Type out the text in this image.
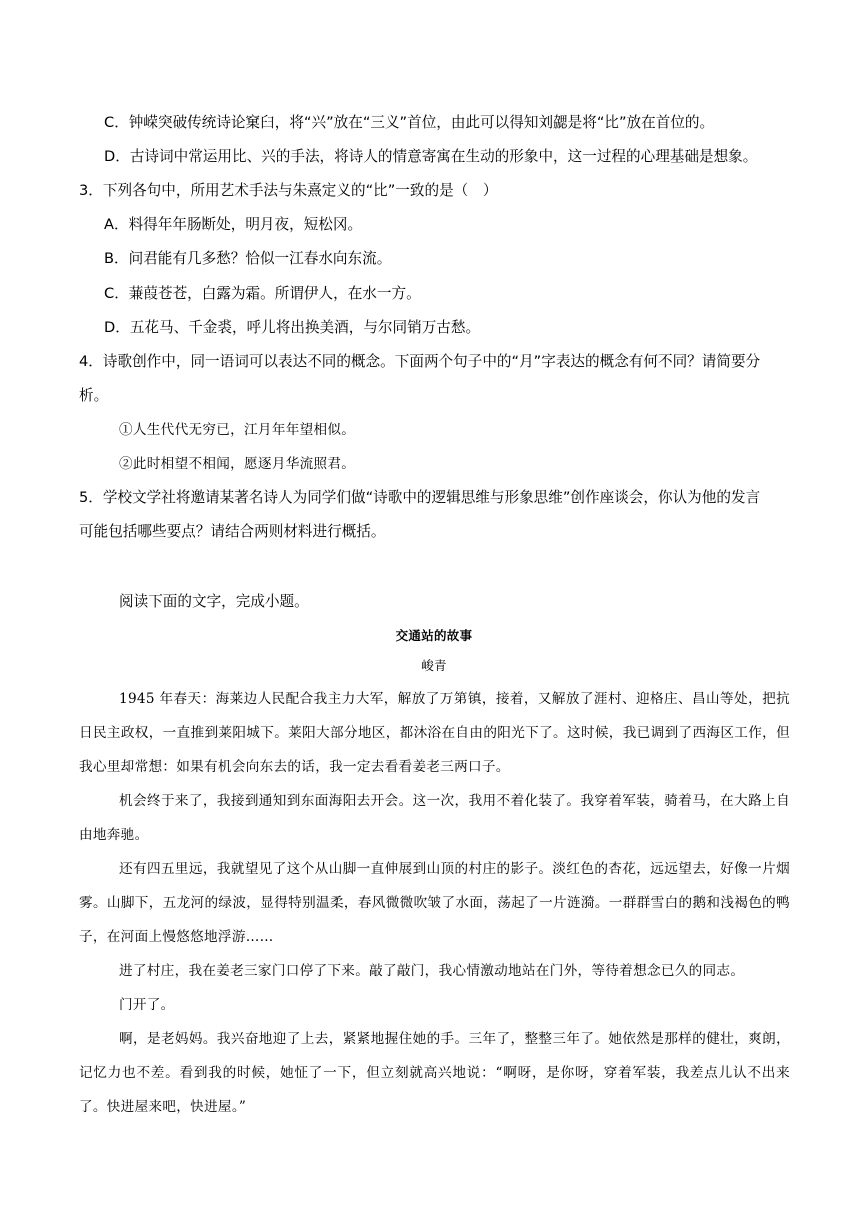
C．钟嵘突破传统诗论窠臼，将“兴”放在“三义”首位，由此可以得知刘勰是将“比”放在首位的。
D．古诗词中常运用比、兴的手法，将诗人的情意寄寓在生动的形象中，这一过程的心理基础是想象。
3．下列各句中，所用艺术手法与朱熹定义的“比”一致的是（　）
A．料得年年肠断处，明月夜，短松冈。
B．问君能有几多愁？恰似一江春水向东流。
C．蒹葭苍苍，白露为霜。所谓伊人，在水一方。
D．五花马、千金裘，呼儿将出换美酒，与尔同销万古愁。
4．诗歌创作中，同一语词可以表达不同的概念。下面两个句子中的“月”字表达的概念有何不同？请简要分
析。
①人生代代无穷已，江月年年望相似。
②此时相望不相闻，愿逐月华流照君。
5．学校文学社将邀请某著名诗人为同学们做“诗歌中的逻辑思维与形象思维”创作座谈会，你认为他的发言
可能包括哪些要点？请结合两则材料进行概括。
阅读下面的文字，完成小题。
交通站的故事
峻青
1945 年春天：海莱边人民配合我主力大军，解放了万第镇，接着，又解放了涯村、迎格庄、昌山等处，把抗日民主政权，一直推到莱阳城下。莱阳大部分地区，都沐浴在自由的阳光下了。这时候，我已调到了西海区工作，但我心里却常想：如果有机会向东去的话，我一定去看看姜老三两口子。
机会终于来了，我接到通知到东面海阳去开会。这一次，我用不着化装了。我穿着军装，骑着马，在大路上自由地奔驰。
还有四五里远，我就望见了这个从山脚一直伸展到山顶的村庄的影子。淡红色的杏花，远远望去，好像一片烟雾。山脚下，五龙河的绿波，显得特别温柔，春风微微吹皱了水面，荡起了一片涟漪。一群群雪白的鹅和浅褐色的鸭子，在河面上慢悠悠地浮游……
进了村庄，我在姜老三家门口停了下来。敲了敲门，我心情激动地站在门外，等待着想念已久的同志。
门开了。
啊，是老妈妈。我兴奋地迎了上去，紧紧地握住她的手。三年了，整整三年了。她依然是那样的健壮，爽朗，记忆力也不差。看到我的时候，她怔了一下，但立刻就高兴地说：“啊呀，是你呀，穿着军装，我差点儿认不出来了。快进屋来吧，快进屋。”
